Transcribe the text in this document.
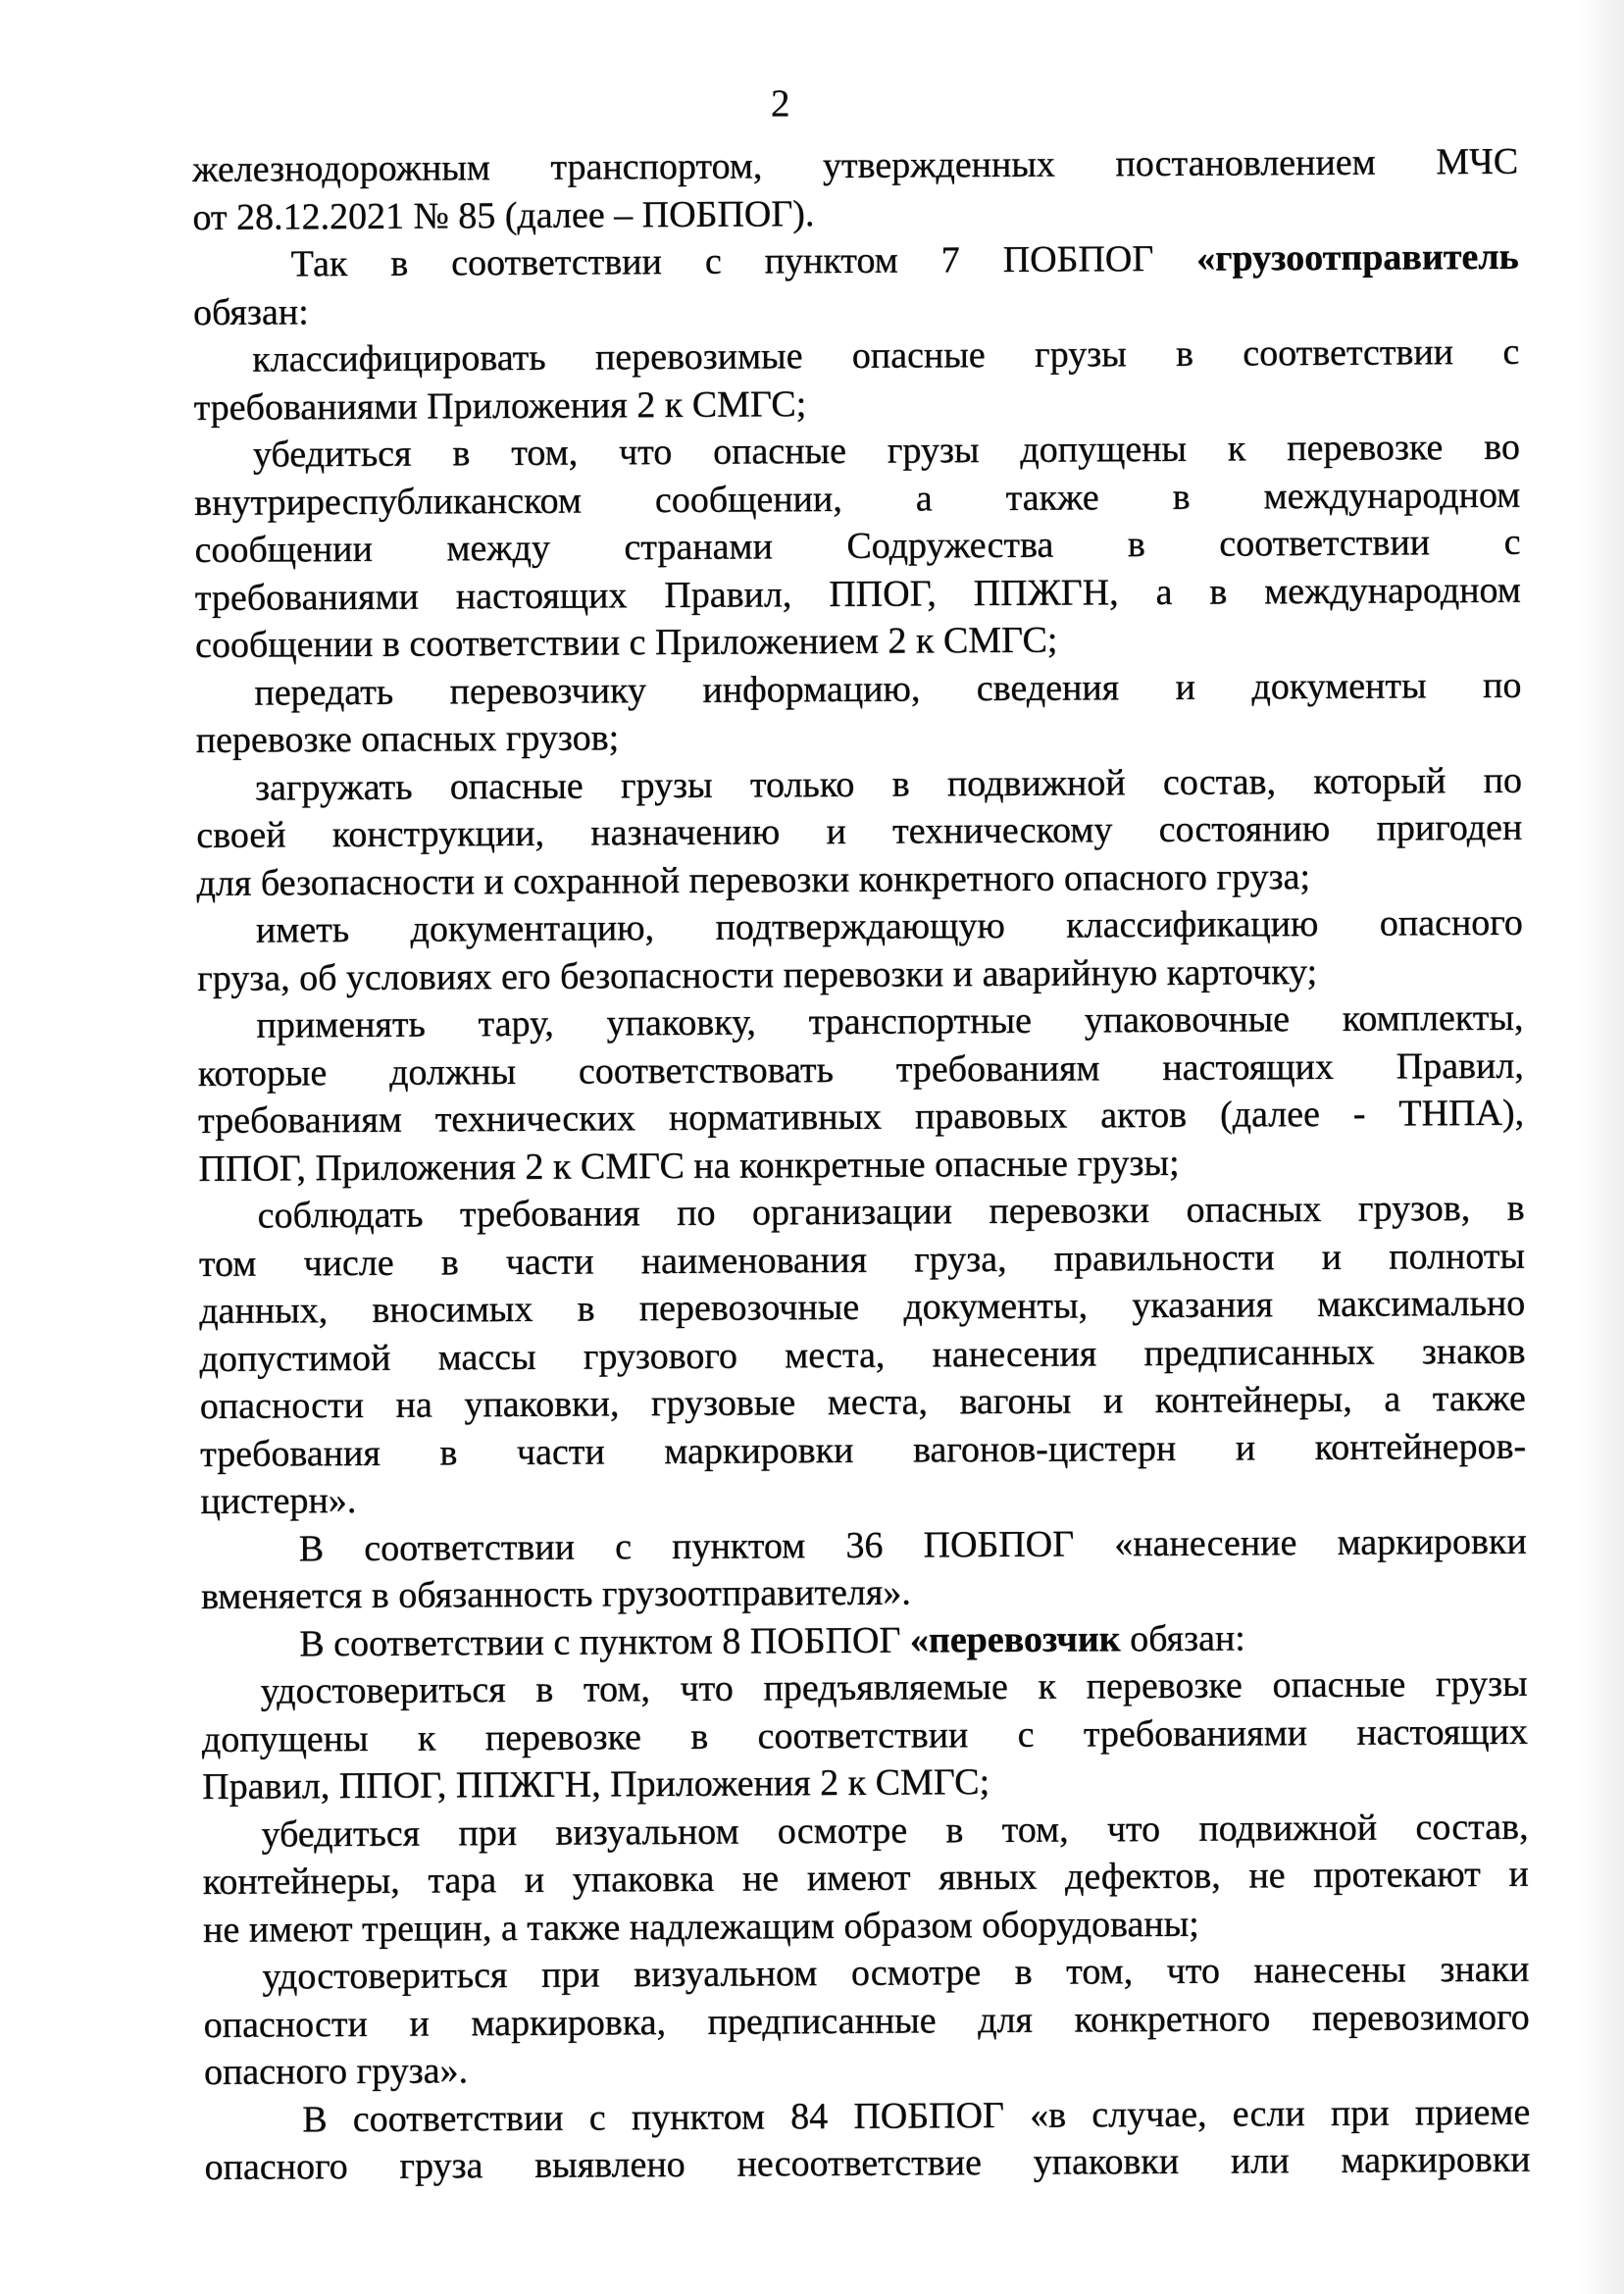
2
железнодорожным транспортом, утвержденных постановлением МЧС
от 28.12.2021 № 85 (далее – ПОБПОГ).
Так в соответствии с пунктом 7 ПОБПОГ «грузоотправитель
обязан:
классифицировать перевозимые опасные грузы в соответствии с
требованиями Приложения 2 к СМГС;
убедиться в том, что опасные грузы допущены к перевозке во
внутриреспубликанском сообщении, а также в международном
сообщении между странами Содружества в соответствии с
требованиями настоящих Правил, ППОГ, ППЖГН, а в международном
сообщении в соответствии с Приложением 2 к СМГС;
передать перевозчику информацию, сведения и документы по
перевозке опасных грузов;
загружать опасные грузы только в подвижной состав, который по
своей конструкции, назначению и техническому состоянию пригоден
для безопасности и сохранной перевозки конкретного опасного груза;
иметь документацию, подтверждающую классификацию опасного
груза, об условиях его безопасности перевозки и аварийную карточку;
применять тару, упаковку, транспортные упаковочные комплекты,
которые должны соответствовать требованиям настоящих Правил,
требованиям технических нормативных правовых актов (далее - ТНПА),
ППОГ, Приложения 2 к СМГС на конкретные опасные грузы;
соблюдать требования по организации перевозки опасных грузов, в
том числе в части наименования груза, правильности и полноты
данных, вносимых в перевозочные документы, указания максимально
допустимой массы грузового места, нанесения предписанных знаков
опасности на упаковки, грузовые места, вагоны и контейнеры, а также
требования в части маркировки вагонов-цистерн и контейнеров-
цистерн».
В соответствии с пунктом 36 ПОБПОГ «нанесение маркировки
вменяется в обязанность грузоотправителя».
В соответствии с пунктом 8 ПОБПОГ «перевозчик обязан:
удостовериться в том, что предъявляемые к перевозке опасные грузы
допущены к перевозке в соответствии с требованиями настоящих
Правил, ППОГ, ППЖГН, Приложения 2 к СМГС;
убедиться при визуальном осмотре в том, что подвижной состав,
контейнеры, тара и упаковка не имеют явных дефектов, не протекают и
не имеют трещин, а также надлежащим образом оборудованы;
удостовериться при визуальном осмотре в том, что нанесены знаки
опасности и маркировка, предписанные для конкретного перевозимого
опасного груза».
В соответствии с пунктом 84 ПОБПОГ «в случае, если при приеме
опасного груза выявлено несоответствие упаковки или маркировки
